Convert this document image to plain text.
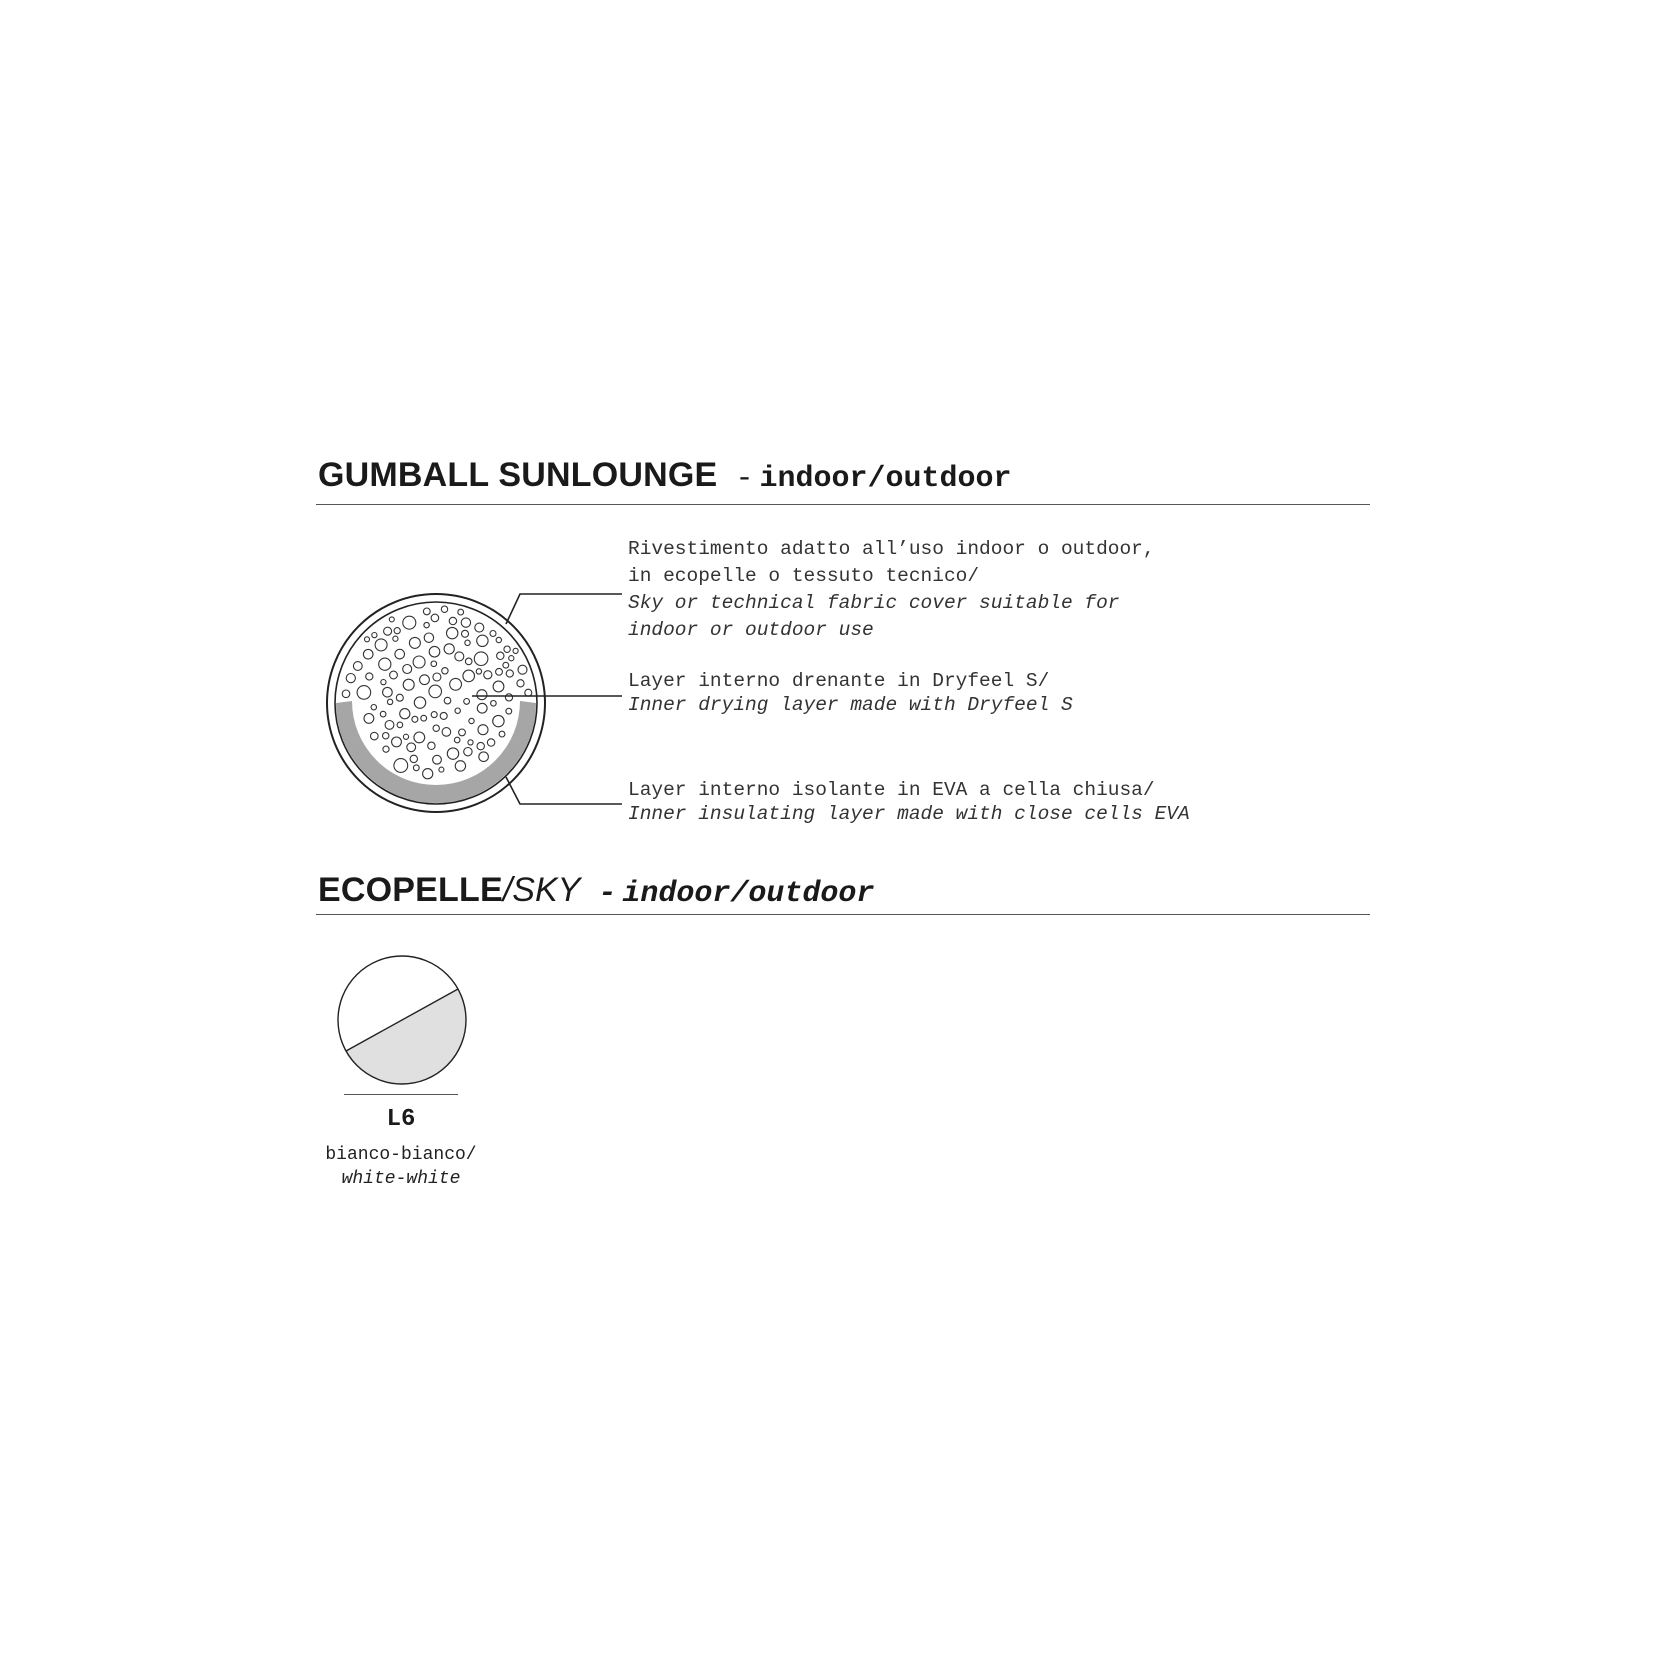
GUMBALL SUNLOUNGE - indoor/outdoor
Rivestimento adatto all’uso indoor o outdoor,
in ecopelle o tessuto tecnico/
Sky or technical fabric cover suitable for
indoor or outdoor use
Layer interno drenante in Dryfeel S/
Inner drying layer made with Dryfeel S
Layer interno isolante in EVA a cella chiusa/
Inner insulating layer made with close cells EVA
ECOPELLE/SKY - indoor/outdoor
L6
bianco-bianco/
white-white
